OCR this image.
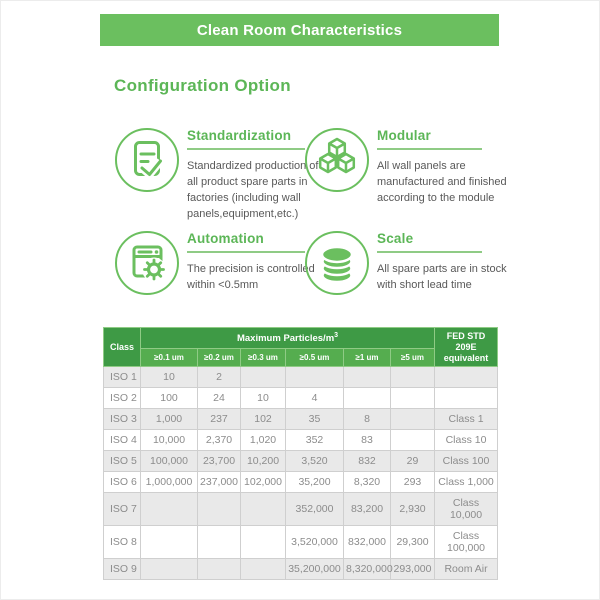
Clean Room Characteristics
Configuration Option
Standardization
Standardized production of all product spare parts in factories (including wall panels,equipment,etc.)
Modular
All wall panels are manufactured and finished according to the module
Automation
The precision is controlled within <0.5mm
Scale
All spare parts are in stock with short lead time
Class	Maximum Particles/$m^3$						FED STD 209E
equivalent

	≥0.1 um	≥0.2 um	≥0.3 um	≥0.5 um	≥1 um	≥5 um	
ISO 1	10	2					
ISO 2	100	24	10	4			
ISO 3	1,000	237	102	35	8		Class 1
ISO 4	10,000	2,370	1,020	352	83		Class 10
ISO 5	100,000	23,700	10,200	3,520	832	29	Class 100
ISO 6	1,000,000	237,000	102,000	35,200	8,320	293	Class 1,000
ISO 7				352,000	83,200	2,930	Class 10,000
ISO 8				3,520,000	832,000	29,300	Class 100,000
ISO 9				35,200,000	8,320,000	293,000	Room Air
